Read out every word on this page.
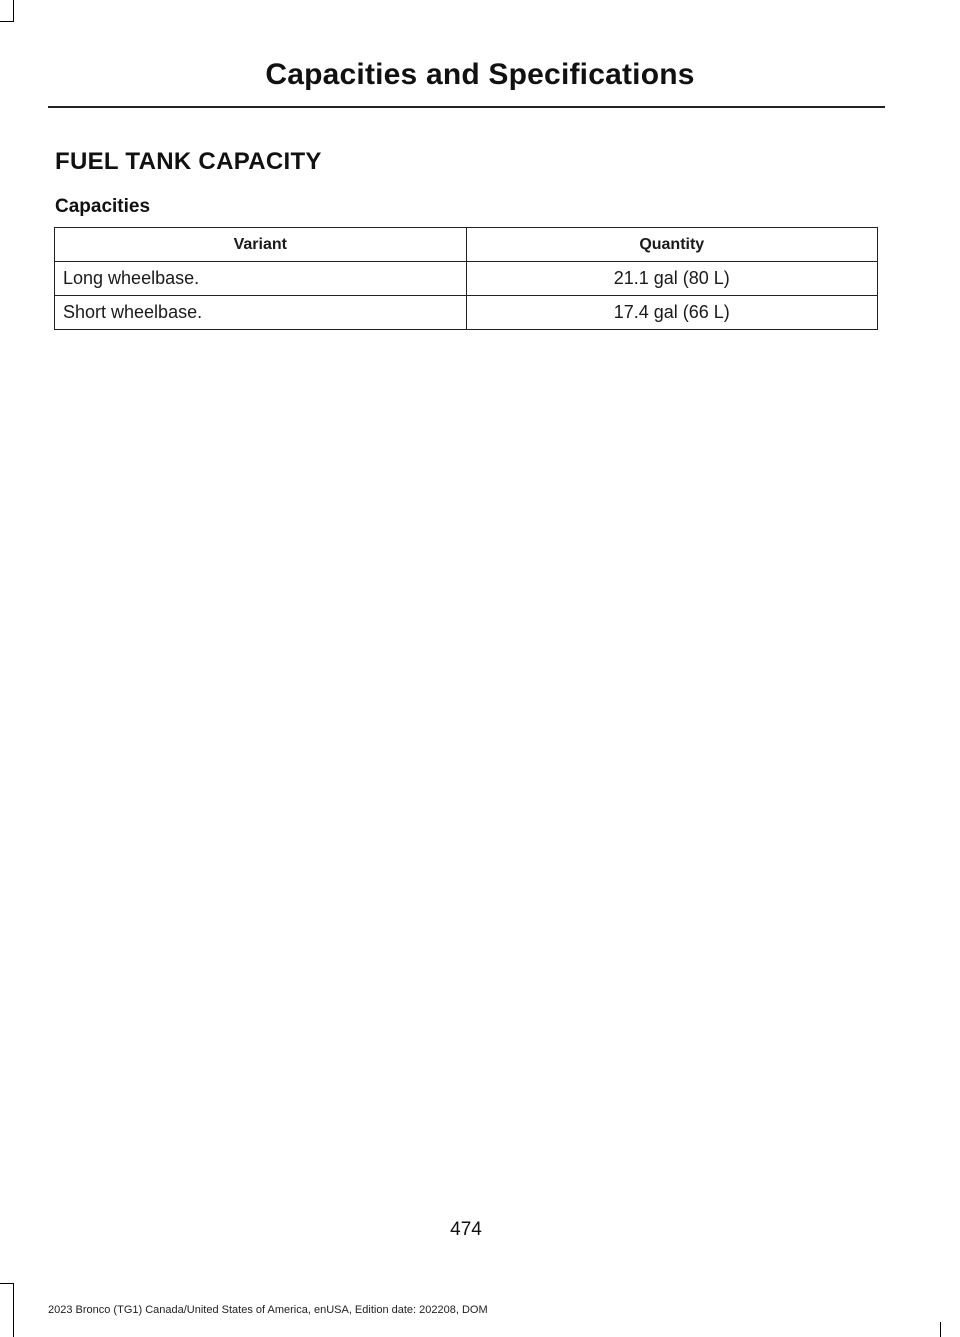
Capacities and Specifications
FUEL TANK CAPACITY
Capacities
Variant	Quantity
Long wheelbase.	21.1 gal (80 L)
Short wheelbase.	17.4 gal (66 L)
474
2023 Bronco (TG1) Canada/United States of America, enUSA, Edition date: 202208, DOM
